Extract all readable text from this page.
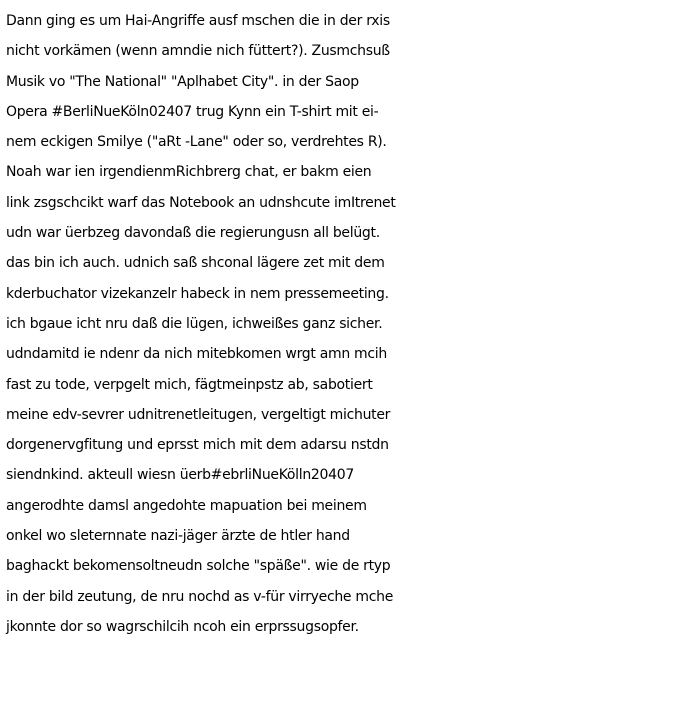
Dann ging es um Hai-Angriffe ausf mschen die in der rxis
nicht vorkämen (wenn amndie nich füttert?). Zusmchsuß
Musik vo "The National" "Aplhabet City". in der Saop
Opera #BerliNueKöln02407 trug Kynn ein T-shirt mit ei-
nem eckigen Smilye ("aRt -Lane" oder so, verdrehtes R).
Noah war ien irgendienmRichbrerg chat, er bakm eien
link zsgschcikt warf das Notebook an udnshcute imItrenet
udn war üerbzeg davondaß die regierungusn all belügt.
das bin ich auch. udnich saß shconal lägere zet mit dem
kderbuchator vizekanzelr habeck in nem pressemeeting.
ich bgaue icht nru daß die lügen, ichweißes ganz sicher.
udndamitd ie ndenr da nich mitebkomen wrgt amn mcih
fast zu tode, verpgelt mich, fägtmeinpstz ab, sabotiert
meine edv-sevrer udnitrenetleitugen, vergeltigt michuter
dorgenervgfitung und eprsst mich mit dem adarsu nstdn
siendnkind. akteull wiesn üerb#ebrliNueKölln20407
angerodhte damsl angedohte mapuation bei meinem
onkel wo sleternnate nazi-jäger ärzte de htler hand
baghackt bekomensoltneudn solche "späße". wie de rtyp
in der bild zeutung, de nru nochd as v-für virryeche mche
jkonnte dor so wagrschilcih ncoh ein erprssugsopfer.
